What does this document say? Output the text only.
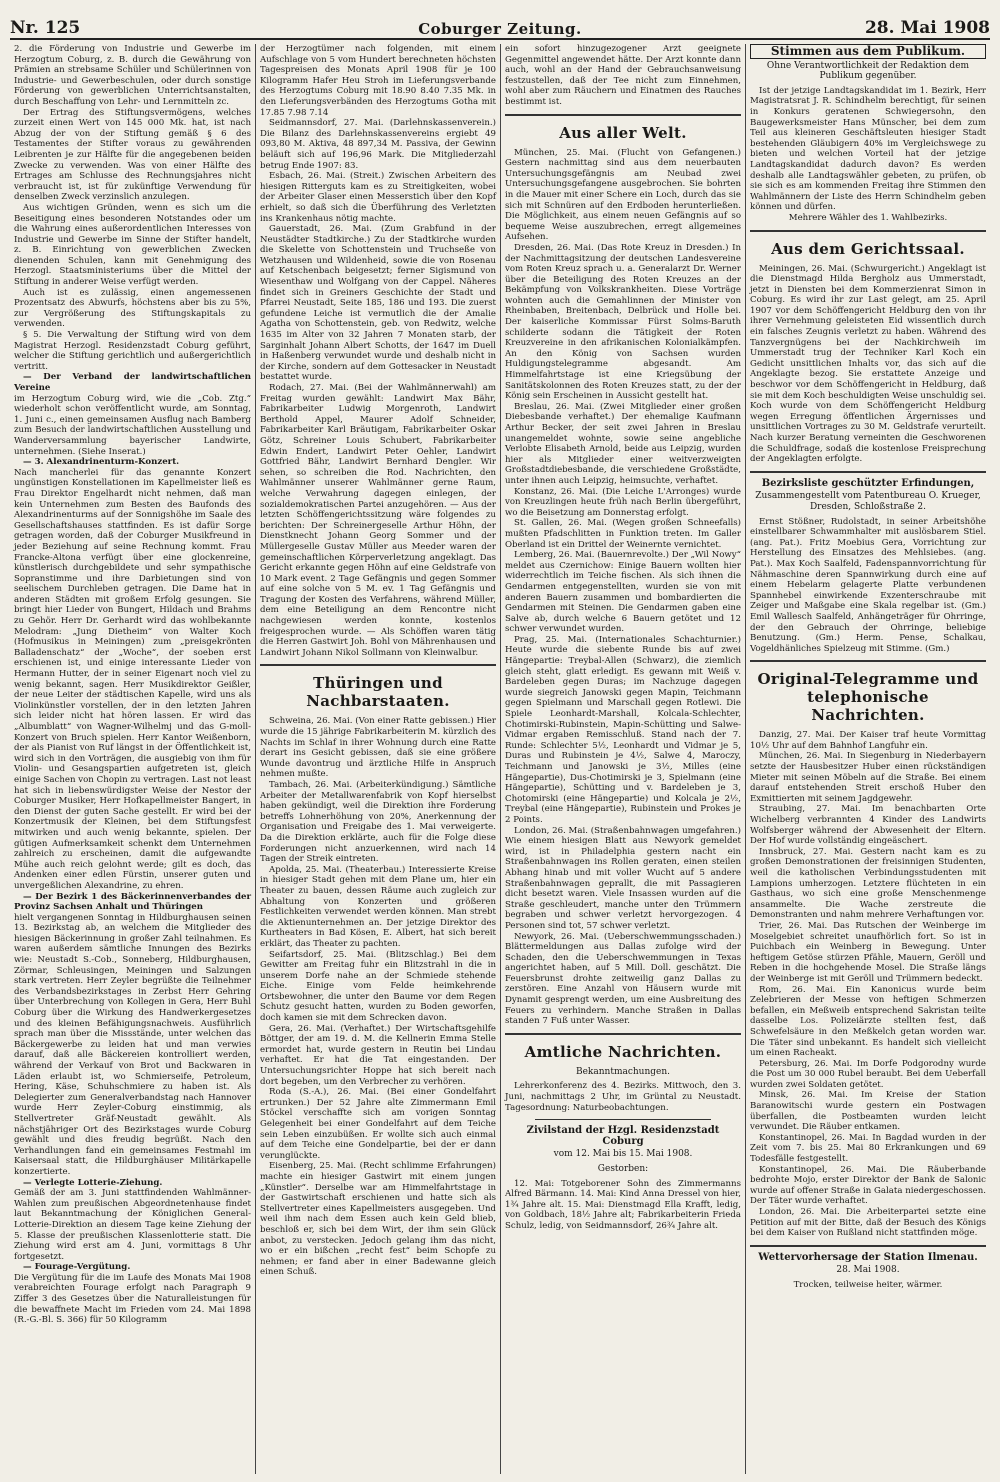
Nr. 125	Coburger Zeitung.	28. Mai 1908

2. die Förderung von Industrie und Gewerbe im Herzogtum Coburg, z. B. durch die Gewährung von Prämien an strebsame Schüler und Schülerinnen von Industrie- und Gewerbeschulen, oder durch sonstige Förderung von gewerblichen Unterrichtsanstalten, durch Beschaffung von Lehr- und Lernmitteln zc.

Der Ertrag des Stiftungsvermögens, welches zurzeit einen Wert von 145 000 Mk. hat, ist nach Abzug der von der Stiftung gemäß § 6 des Testamentes der Stifter voraus zu gewährenden Leibrenten je zur Hälfte für die angegebenen beiden Zwecke zu verwenden. Was von einer Hälfte des Ertrages am Schlusse des Rechnungsjahres nicht verbraucht ist, ist für zukünftige Verwendung für denselben Zweck verzinslich anzulegen.

Aus wichtigen Gründen, wenn es sich um die Beseitigung eines besonderen Notstandes oder um die Wahrung eines außerordentlichen Interesses von Industrie und Gewerbe im Sinne der Stifter handelt, z. B. Einrichtung von gewerblichen Zwecken dienenden Schulen, kann mit Genehmigung des Herzogl. Staatsministeriums über die Mittel der Stiftung in anderer Weise verfügt werden.

Auch ist es zulässig, einen angemessenen Prozentsatz des Abwurfs, höchstens aber bis zu 5%, zur Vergrößerung des Stiftungskapitals zu verwenden.

§ 5. Die Verwaltung der Stiftung wird von dem Magistrat Herzogl. Residenzstadt Coburg geführt, welcher die Stiftung gerichtlich und außergerichtlich vertritt.

— Der Verband der landwirtschaftlichen Vereine

im Herzogtum Coburg wird, wie die „Cob. Ztg.“ wiederholt schon veröffentlicht wurde, am Sonntag, 1. Juni c., einen gemeinsamen Ausflug nach Bamberg zum Besuch der landwirtschaftlichen Ausstellung und Wanderversammlung bayerischer Landwirte, unternehmen. (Siehe Inserat.)

— 3. Alexandrinenturm-Konzert.

Nach mancherlei für das genannte Konzert ungünstigen Konstellationen im Kapellmeister ließ es Frau Direktor Engelhardt nicht nehmen, daß man kein Unternehmen zum Besten des Baufonds des Alexandrinenturms auf der Sonnigshöhe im Saale des Gesellschaftshauses stattfinden. Es ist dafür Sorge getragen worden, daß der Coburger Musikfreund in jeder Beziehung auf seine Rechnung kommt. Frau Francke-Altona verfügt über eine glockenreine, künstlerisch durchgebildete und sehr sympathische Sopranstimme und ihre Darbietungen sind von seelischem Durchleben getragen. Die Dame hat in anderen Städten mit großem Erfolg gesungen. Sie bringt hier Lieder von Bungert, Hildach und Brahms zu Gehör. Herr Dr. Gerhardt wird das wohlbekannte Melodram: „Jung Dietheim“ von Walter Koch (Hofmusikus in Meiningen) zum „preisgekrönten Balladenschatz“ der „Woche“, der soeben erst erschienen ist, und einige interessante Lieder von Hermann Hutter, der in seiner Eigenart noch viel zu wenig bekannt, sagen. Herr Musikdirektor Geißler, der neue Leiter der städtischen Kapelle, wird uns als Violinkünstler vorstellen, der in den letzten Jahren sich leider nicht hat hören lassen. Er wird das „Albumblatt“ von Wagner-Wilhelmj und das G-moll-Konzert von Bruch spielen. Herr Kantor Weißenborn, der als Pianist von Ruf längst in der Öffentlichkeit ist, wird sich in den Vorträgen, die ausgiebig von ihm für Violin- und Gesangspartien aufgetreten ist, gleich einige Sachen von Chopin zu vertragen. Last not least hat sich in liebenswürdigster Weise der Nestor der Coburger Musiker, Herr Hofkapellmeister Bangert, in den Dienst der guten Sache gestellt. Er wird bei der Konzertmusik der Kleinen, bei dem Stiftungsfest mitwirken und auch wenig bekannte, spielen. Der gütigen Aufmerksamkeit schenkt dem Unternehmen zahlreich zu erscheinen, damit die aufgewandte Mühe auch reich gelohnt werde; gilt es doch, das Andenken einer edlen Fürstin, unserer guten und unvergeßlichen Alexandrine, zu ehren.

— Der Bezirk 1 des Bäckerinnenverbandes der Provinz Sachsen Anhalt und Thüringen

hielt vergangenen Sonntag in Hildburghausen seinen 13. Bezirkstag ab, an welchem die Mitglieder des hiesigen Bäckerinnung in großer Zahl teilnahmen. Es waren außerdem sämtliche Innungen des Bezirks wie: Neustadt S.-Cob., Sonneberg, Hildburghausen, Zörmar, Schleusingen, Meiningen und Salzungen stark vertreten. Herr Zeyler begrüßte die Teilnehmer des Verbandsbezirkstages in Zerbst Herr Gehring über Unterbrechung von Kollegen in Gera, Herr Buhl Coburg über die Wirkung des Handwerkergesetzes und des kleinen Befähigungsnachweis. Ausführlich sprach man über die Missstände, unter welchen das Bäckergewerbe zu leiden hat und man verwies darauf, daß alle Bäckereien kontrolliert werden, während der Verkauf von Brot und Backwaren in Läden erlaubt ist, wo Schmierseife, Petroleum, Hering, Käse, Schuhschmiere zu haben ist. Als Delegierter zum Generalverbandstag nach Hannover wurde Herr Zeyler-Coburg einstimmig, als Stellvertreter Gräf-Neustadt gewählt. Als nächstjähriger Ort des Bezirkstages wurde Coburg gewählt und dies freudig begrüßt. Nach den Verhandlungen fand ein gemeinsames Festmahl im Kaisersaal statt, die Hildburghäuser Militärkapelle konzertierte.

— Verlegte Lotterie-Ziehung.

Gemäß der am 3. Juni stattfindenden Wahlmänner-Wahlen zum preußischen Abgeordnetenhause findet laut Bekanntmachung der Königlichen General-Lotterie-Direktion an diesem Tage keine Ziehung der 5. Klasse der preußischen Klassenlotterie statt. Die Ziehung wird erst am 4. Juni, vormittags 8 Uhr fortgesetzt.

— Fourage-Vergütung.

Die Vergütung für die im Laufe des Monats Mai 1908 verabreichten Fourage erfolgt nach Paragraph 9 Ziffer 3 des Gesetzes über die Naturalleistungen für die bewaffnete Macht im Frieden vom 24. Mai 1898 (R.-G.-Bl. S. 366) für 50 Kilogramm

der Herzogtümer nach folgenden, mit einem Aufschlage von 5 vom Hundert berechneten höchsten Tagespreisen des Monats April 1908 für je 100 Kilogramm Hafer Heu Stroh im Lieferungsverbande des Herzogtums Coburg mit 18.90 8.40 7.35 Mk. in den Lieferungsverbänden des Herzogtums Gotha mit 17.85 7.98 7.14

Seidmannsdorf, 27. Mai. (Darlehnskassenverein.) Die Bilanz des Darlehnskassenvereins ergiebt 49 093,80 M. Aktiva, 48 897,34 M. Passiva, der Gewinn beläuft sich auf 196,96 Mark. Die Mitgliederzahl betrug Ende 1907: 83.

Esbach, 26. Mai. (Streit.) Zwischen Arbeitern des hiesigen Ritterguts kam es zu Streitigkeiten, wobei der Arbeiter Glaser einen Messerstich über den Kopf erhielt, so daß sich die Überführung des Verletzten ins Krankenhaus nötig machte.

Gauerstadt, 26. Mai. (Zum Grabfund in der Neustädter Stadtkirche.) Zu der Stadtkirche wurden die Skelette von Schottenstein und Truchseße von Wetzhausen und Wildenheid, sowie die von Rosenau auf Ketschenbach beigesetzt; ferner Sigismund von Wiesenthaw und Wolfgang von der Cappel. Näheres findet sich in Greiners Geschichte der Stadt und Pfarrei Neustadt, Seite 185, 186 und 193. Die zuerst gefundene Leiche ist vermutlich die der Amalie Agatha von Schottenstein, geb. von Redwitz, welche 1635 im Alter von 32 Jahren 7 Monaten starb, der Sarginhalt Johann Albert Schotts, der 1647 im Duell in Haßenberg verwundet wurde und deshalb nicht in der Kirche, sondern auf dem Gottesacker in Neustadt bestattet wurde.

Rodach, 27. Mai. (Bei der Wahlmännerwahl) am Freitag wurden gewählt: Landwirt Max Bähr, Fabrikarbeiter Ludwig Morgenroth, Landwirt Berthold Appel, Maurer Adolf Schneider, Fabrikarbeiter Karl Bräutigam, Fabrikarbeiter Oskar Götz, Schreiner Louis Schubert, Fabrikarbeiter Edwin Endert, Landwirt Peter Oehler, Landwirt Gottfried Bähr, Landwirt Bernhard Dengler. Wir sehen, so schreiben die Rod. Nachrichten, den Wahlmänner unserer Wahlmänner gerne Raum, welche Verwahrung dagegen einlegen, der sozialdemokratischen Partei anzugehören. — Aus der letzten Schöffengerichtssitzung wäre folgendes zu berichten: Der Schreinergeselle Arthur Höhn, der Dienstknecht Johann Georg Sommer und der Müllergeselle Gustav Müller aus Meeder waren der gemeinschaftlichen Körperverletzung angeklagt. Das Gericht erkannte gegen Höhn auf eine Geldstrafe von 10 Mark event. 2 Tage Gefängnis und gegen Sommer auf eine solche von 5 M. ev. 1 Tag Gefängnis und Tragung der Kosten des Verfahrens, während Müller, dem eine Beteiligung an dem Rencontre nicht nachgewiesen werden konnte, kostenlos freigesprochen wurde. — Als Schöffen waren tätig die Herren Gastwirt Joh. Bohl von Mährenhausen und Landwirt Johann Nikol Sollmann von Kleinwalbur.

Thüringen und Nachbarstaaten.

Schweina, 26. Mai. (Von einer Ratte gebissen.) Hier wurde die 15 jährige Fabrikarbeiterin M. kürzlich des Nachts im Schlaf in ihrer Wohnung durch eine Ratte derart ins Gesicht gebissen, daß sie eine größere Wunde davontrug und ärztliche Hilfe in Anspruch nehmen mußte.

Tambach, 26. Mai. (Arbeiterkündigung.) Sämtliche Arbeiter der Metallwarenfabrik von Kopf hierselbst haben gekündigt, weil die Direktion ihre Forderung betreffs Lohnerhöhung von 20%, Anerkennung der Organisation und Freigabe des 1. Mai verweigerte. Da die Direktion erklärte, auch für die Folge diese Forderungen nicht anzuerkennen, wird nach 14 Tagen der Streik eintreten.

Apolda, 25. Mai. (Theaterbau.) Interessierte Kreise in hiesiger Stadt gehen mit dem Plane um, hier ein Theater zu bauen, dessen Räume auch zugleich zur Abhaltung von Konzerten und größeren Festlichkeiten verwendet werden können. Man strebt die Aktienunternehmen an. Der jetzige Direktor des Kurtheaters in Bad Kösen, E. Albert, hat sich bereit erklärt, das Theater zu pachten.

Seifartsdorf, 25. Mai. (Blitzschlag.) Bei dem Gewitter am Freitag fuhr ein Blitzstrahl in die in unserem Dorfe nahe an der Schmiede stehende Eiche. Einige vom Felde heimkehrende Ortsbewohner, die unter den Baume vor dem Regen Schutz gesucht hatten, wurden zu Boden geworfen, doch kamen sie mit dem Schrecken davon.

Gera, 26. Mai. (Verhaftet.) Der Wirtschaftsgehilfe Böttger, der am 19. d. M. die Kellnerin Emma Stelle ermordet hat, wurde gestern in Reutin bei Lindau verhaftet. Er hat die Tat eingestanden. Der Untersuchungsrichter Hoppe hat sich bereit nach dort begeben, um den Verbrecher zu verhören.

Roda (S.-A.), 26. Mai. (Bei einer Gondelfahrt ertrunken.) Der 52 Jahre alte Zimmermann Emil Stöckel verschaffte sich am vorigen Sonntag Gelegenheit bei einer Gondelfahrt auf dem Teiche sein Leben einzubüßen. Er wollte sich auch einmal auf dem Teiche eine Gondelpartie, bei der er dann verunglückte.

Eisenberg, 25. Mai. (Recht schlimme Erfahrungen) machte ein hiesiger Gastwirt mit einem jungen „Künstler“. Derselbe war am Himmelfahrtstage in der Gastwirtschaft erschienen und hatte sich als Stellvertreter eines Kapellmeisters ausgegeben. Und weil ihm nach dem Essen auch kein Geld blieb, beschloß er, sich bei dem Wirt, der ihm sein Glück anbot, zu verstecken. Jedoch gelang ihm das nicht, wo er ein bißchen „recht fest“ beim Schopfe zu nehmen; er fand aber in einer Badewanne gleich einen Schuß.

ein sofort hinzugezogener Arzt geeignete Gegenmittel angewendet hätte. Der Arzt konnte dann auch, wohl an der Hand der Gebrauchsanweisung festzustellen, daß der Tee nicht zum Einnehmen, wohl aber zum Räuchern und Einatmen des Rauches bestimmt ist.

Aus aller Welt.

München, 25. Mai. (Flucht von Gefangenen.) Gestern nachmittag sind aus dem neuerbauten Untersuchungsgefängnis am Neubad zwei Untersuchungsgefangene ausgebrochen. Sie bohrten in die Mauer mit einer Schere ein Loch, durch das sie sich mit Schnüren auf den Erdboden herunterließen. Die Möglichkeit, aus einem neuen Gefängnis auf so bequeme Weise auszubrechen, erregt allgemeines Aufsehen.

Dresden, 26. Mai. (Das Rote Kreuz in Dresden.) In der Nachmittagsitzung der deutschen Landesvereine vom Roten Kreuz sprach u. a. Generalarzt Dr. Werner über die Beteiligung des Roten Kreuzes an der Bekämpfung von Volkskrankheiten. Diese Vorträge wohnten auch die Gemahlinnen der Minister von Rheinbaben, Breitenbach, Delbrück und Holle bei. Der kaiserliche Kommissar Fürst Solms-Baruth schilderte sodann die Tätigkeit der Roten Kreuzvereine in den afrikanischen Kolonialkämpfen. An den König von Sachsen wurden Huldigungstelegramme abgesandt. Am Himmelfahrtstage ist eine Kriegsübung der Sanitätskolonnen des Roten Kreuzes statt, zu der der König sein Erscheinen in Aussicht gestellt hat.

Breslau, 26. Mai. (Zwei Mitglieder einer großen Diebesbande verhaftet.) Der ehemalige Kaufmann Arthur Becker, der seit zwei Jahren in Breslau unangemeldet wohnte, sowie seine angebliche Verlobte Elisabeth Arnold, beide aus Leipzig, wurden hier als Mitglieder einer weitverzweigten Großstadtdiebesbande, die verschiedene Großstädte, unter ihnen auch Leipzig, heimsuchte, verhaftet.

Konstanz, 26. Mai. (Die Leiche L'Arronges) wurde von Kreuzlingen heute früh nach Berlin übergeführt, wo die Beisetzung am Donnerstag erfolgt.

St. Gallen, 26. Mai. (Wegen großen Schneefalls) mußten Pfadschlitten in Funktion treten. Im Galler Oberland ist ein Drittel der Weinernte vernichtet.

Lemberg, 26. Mai. (Bauernrevolte.) Der „Wil Nowy“ meldet aus Czernichow: Einige Bauern wollten hier widerrechtlich im Teiche fischen. Als sich ihnen die Gendarmen entgegenstellten, wurden sie von mit anderen Bauern zusammen und bombardierten die Gendarmen mit Steinen. Die Gendarmen gaben eine Salve ab, durch welche 6 Bauern getötet und 12 schwer verwundet wurden.

Prag, 25. Mai. (Internationales Schachturnier.) Heute wurde die siebente Runde bis auf zwei Hängepartie: Treybal-Allen (Schwarz), die ziemlich gleich steht, glatt erledigt. Es gewann mit Weiß v. Bardeleben gegen Duras; im Nachzuge dagegen wurde siegreich Janowski gegen Mapin, Teichmann gegen Spielmann und Marschall gegen Rotlewi. Die Spiele Leonhardt-Marshall, Kolcala-Schlechter, Chotimirski-Rubinstein, Mapin-Schütting und Salwe-Vidmar ergaben Remisschluß. Stand nach der 7. Runde: Schlechter 5½, Leonhardt und Vidmar je 5, Duras und Rubinstein je 4½, Salwe 4, Maroczy, Teichmann und Janowski je 3½, Milles (eine Hängepartie), Dus-Chotimirski je 3, Spielmann (eine Hängepartie), Schütting und v. Bardeleben je 3, Chotomirski (eine Hängepartie) und Kolcala je 2½, Treybal (eine Hängepartie), Rubinstein und Prokes je 2 Points.

London, 26. Mai. (Straßenbahnwagen umgefahren.) Wie einem hiesigen Blatt aus Newyork gemeldet wird, ist in Philadelphia gestern nacht ein Straßenbahnwagen ins Rollen geraten, einen steilen Abhang hinab und mit voller Wucht auf 5 andere Straßenbahnwagen geprallt, die mit Passagieren dicht besetzt waren. Viele Insassen wurden auf die Straße geschleudert, manche unter den Trümmern begraben und schwer verletzt hervorgezogen. 4 Personen sind tot, 57 schwer verletzt.

Newyork, 26. Mai. (Ueberschwemmungsschaden.) Blättermeldungen aus Dallas zufolge wird der Schaden, den die Ueberschwemmungen in Texas angerichtet haben, auf 5 Mill. Doll. geschätzt. Die Feuersbrunst drohte zeitweilig ganz Dallas zu zerstören. Eine Anzahl von Häusern wurde mit Dynamit gesprengt werden, um eine Ausbreitung des Feuers zu verhindern. Manche Straßen in Dallas standen 7 Fuß unter Wasser.

Amtliche Nachrichten.
Bekanntmachungen.

Lehrerkonferenz des 4. Bezirks. Mittwoch, den 3. Juni, nachmittags 2 Uhr, im Grüntal zu Neustadt. Tagesordnung: Naturbeobachtungen.

Zivilstand der Hzgl. Residenzstadt Coburg
vom 12. Mai bis 15. Mai 1908.
Gestorben:

12. Mai: Totgeborener Sohn des Zimmermanns Alfred Bärmann. 14. Mai: Kind Anna Dressel von hier, 1¾ Jahre alt. 15. Mai: Dienstmagd Ella Krafft, ledig, von Goldbach, 18½ Jahre alt; Fabrikarbeiterin Frieda Schulz, ledig, von Seidmannsdorf, 26¾ Jahre alt.

Stimmen aus dem Publikum.
Ohne Verantwortlichkeit der Redaktion dem Publikum gegenüber.

Ist der jetzige Landtagskandidat im 1. Bezirk, Herr Magistratsrat J. R. Schindhelm berechtigt, für seinen in Konkurs geratenen Schwiegersohn, den Baugewerksmeister Hans Münscher, bei dem zum Teil aus kleineren Geschäftsleuten hiesiger Stadt bestehenden Gläubigern 40% im Vergleichswege zu bieten und welchen Vorteil hat der jetzige Landtagskandidat dadurch davon? Es werden deshalb alle Landtagswähler gebeten, zu prüfen, ob sie sich es am kommenden Freitag ihre Stimmen den Wahlmännern der Liste des Herrn Schindhelm geben können und dürfen.

Mehrere Wähler des 1. Wahlbezirks.

Aus dem Gerichtssaal.

Meiningen, 26. Mai. (Schwurgericht.) Angeklagt ist die Dienstmagd Hilda Bergholz aus Ummerstadt, jetzt in Diensten bei dem Kommerzienrat Simon in Coburg. Es wird ihr zur Last gelegt, am 25. April 1907 vor dem Schöffengericht Heldburg den von ihr ihrer Vernehmung geleisteten Eid wissentlich durch ein falsches Zeugnis verletzt zu haben. Während des Tanzvergnügens bei der Nachkirchweih im Ummerstadt trug der Techniker Karl Koch ein Gedicht unsittlichen Inhalts vor, das sich auf die Angeklagte bezog. Sie erstattete Anzeige und beschwor vor dem Schöffengericht in Heldburg, daß sie mit dem Koch beschuldigten Weise unschuldig sei. Koch wurde von dem Schöffengericht Heldburg wegen Erregung öffentlichen Ärgernisses und unsittlichen Vortrages zu 30 M. Geldstrafe verurteilt. Nach kurzer Beratung verneinten die Geschworenen die Schuldfrage, sodaß die kostenlose Freisprechung der Angeklagten erfolgte.

Bezirksliste geschützter Erfindungen,
Zusammengestellt vom Patentbureau O. Krueger, Dresden, Schloßstraße 2.

Ernst Stößner, Rudolstadt, in seiner Arbeitshöhe einstellbarer Schwammhalter mit auslösbarem Stiel. (ang. Pat.). Fritz Moebius Gera, Vorrichtung zur Herstellung des Einsatzes des Mehlsiebes. (ang. Pat.). Max Koch Saalfeld, Fadenspannvorrichtung für Nähmaschine deren Spannwirkung durch eine auf einem Hebelarm gelagerte Platte verbundenen Spannhebel einwirkende Exzenterschraube mit Zeiger und Maßgabe eine Skala regelbar ist. (Gm.) Emil Wallesch Saalfeld, Anhängeträger für Ohrringe, der den Gebrauch der Ohrringe, beliebige Benutzung. (Gm.) Herm. Pense, Schalkau, Vogeldhänliches Spielzeug mit Stimme. (Gm.)

Original-Telegramme und telephonische Nachrichten.

Danzig, 27. Mai. Der Kaiser traf heute Vormittag 10½ Uhr auf dem Bahnhof Langfuhr ein.

München, 26. Mai. In Siegenburg in Niederbayern setzte der Hausbesitzer Huber einen rückständigen Mieter mit seinen Möbeln auf die Straße. Bei einem darauf entstehenden Streit erschoß Huber den Exmittierten mit seinem Jagdgewehr.

Straubing, 27. Mai. Im benachbarten Orte Wichelberg verbrannten 4 Kinder des Landwirts Wolfsberger während der Abwesenheit der Eltern. Der Hof wurde vollständig eingeäschert.

Innsbruck, 27. Mai. Gestern nacht kam es zu großen Demonstrationen der freisinnigen Studenten, weil die katholischen Verbindungsstudenten mit Lampions umherzogen. Letztere flüchteten in ein Gasthaus, wo sich eine große Menschenmenge ansammelte. Die Wache zerstreute die Demonstranten und nahm mehrere Verhaftungen vor.

Trier, 26. Mai. Das Rutschen der Weinberge im Moselgebiet schreitet unaufhörlich fort. So ist in Puichbach ein Weinberg in Bewegung. Unter heftigem Getöse stürzen Pfähle, Mauern, Geröll und Reben in die hochgehende Mosel. Die Straße längs der Weinberge ist mit Geröll und Trümmern bedeckt.

Rom, 26. Mai. Ein Kanonicus wurde beim Zelebrieren der Messe von heftigen Schmerzen befallen, ein Meßweib entsprechend Sakristan teilte dasselbe Los. Polizeiärzte stellten fest, daß Schwefelsäure in den Meßkelch getan worden war. Die Täter sind unbekannt. Es handelt sich vielleicht um einen Racheakt.

Petersburg, 26. Mai. Im Dorfe Podgorodny wurde die Post um 30 000 Rubel beraubt. Bei dem Ueberfall wurden zwei Soldaten getötet.

Minsk, 26. Mai. Im Kreise der Station Baranowitschi wurde gestern ein Postwagen überfallen, die Postbeamten wurden leicht verwundet. Die Räuber entkamen.

Konstantinopel, 26. Mai. In Bagdad wurden in der Zeit vom 7. bis 25. Mai 80 Erkrankungen und 69 Todesfälle festgestellt.

Konstantinopel, 26. Mai. Die Räuberbande bedrohte Mojo, erster Direktor der Bank de Salonic wurde auf offener Straße in Galata niedergeschossen. Der Täter wurde verhaftet.

London, 26. Mai. Die Arbeiterpartei setzte eine Petition auf mit der Bitte, daß der Besuch des Königs bei dem Kaiser von Rußland nicht stattfinden möge.

Wettervorhersage der Station Ilmenau.
28. Mai 1908.

Trocken, teilweise heiter, wärmer.
